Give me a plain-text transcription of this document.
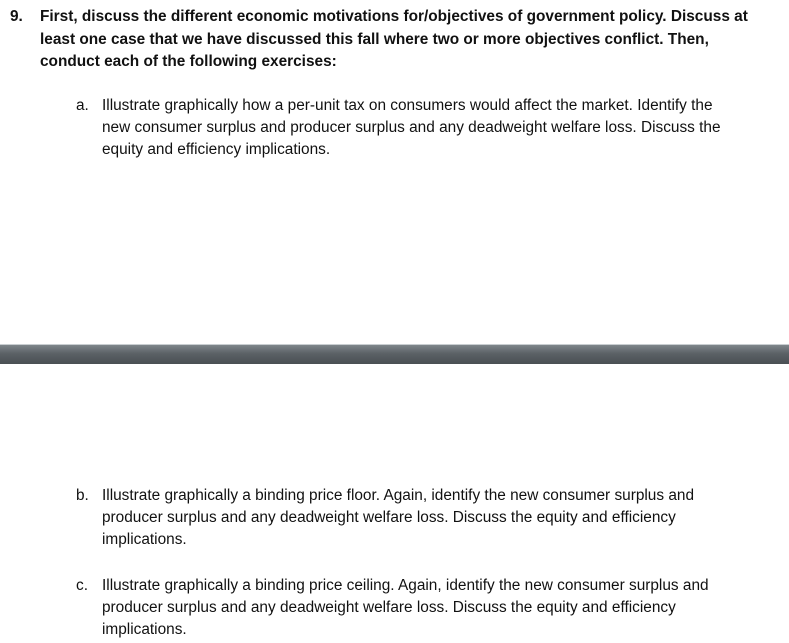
9. First, discuss the different economic motivations for/objectives of government policy. Discuss at
least one case that we have discussed this fall where two or more objectives conflict. Then,
conduct each of the following exercises:
a. Illustrate graphically how a per-unit tax on consumers would affect the market. Identify the
new consumer surplus and producer surplus and any deadweight welfare loss. Discuss the
equity and efficiency implications.
b. Illustrate graphically a binding price floor. Again, identify the new consumer surplus and
producer surplus and any deadweight welfare loss. Discuss the equity and efficiency
implications.
c. Illustrate graphically a binding price ceiling. Again, identify the new consumer surplus and
producer surplus and any deadweight welfare loss. Discuss the equity and efficiency
implications.
